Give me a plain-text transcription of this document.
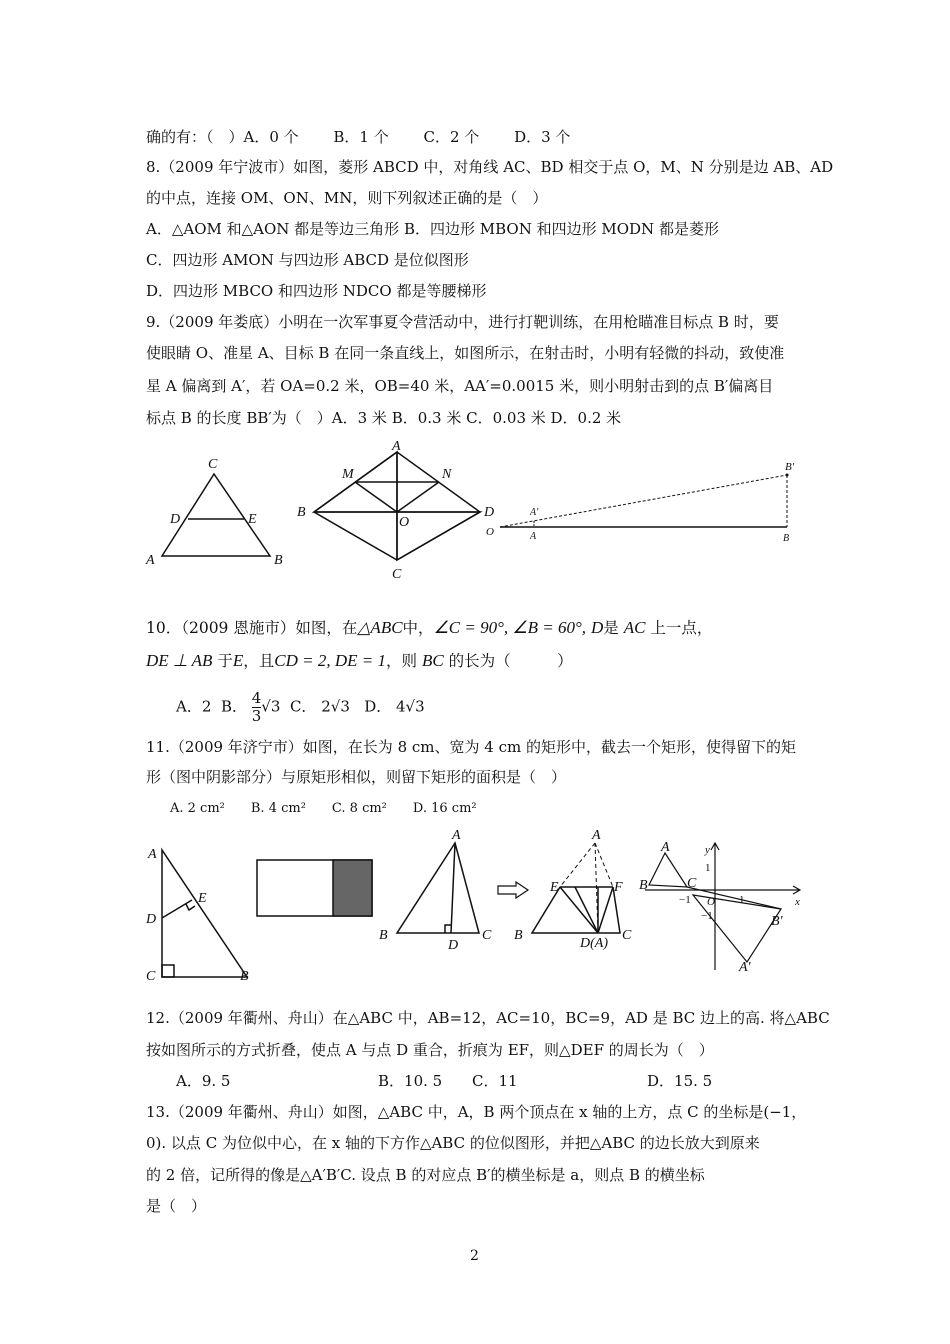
确的有：（　）A．0 个　　 B．1 个　　 C．2 个　　 D．3 个
8.（2009 年宁波市）如图，菱形 ABCD 中，对角线 AC、BD 相交于点 O，M、N 分别是边 AB、AD
的中点，连接 OM、ON、MN，则下列叙述正确的是（　）
A．△AOM 和△AON 都是等边三角形 B．四边形 MBON 和四边形 MODN 都是菱形
C．四边形 AMON 与四边形 ABCD 是位似图形
D．四边形 MBCO 和四边形 NDCO 都是等腰梯形
9.（2009 年娄底）小明在一次军事夏令营活动中，进行打靶训练，在用枪瞄准目标点 B 时，要
使眼睛 O、准星 A、目标 B 在同一条直线上，如图所示，在射击时，小明有轻微的抖动，致使准
星 A 偏离到 A′，若 OA=0.2 米，OB=40 米，AA′=0.0015 米，则小明射击到的点 B′偏离目
标点 B 的长度 BB′为（　）A．3 米 B．0.3 米 C．0.03 米 D．0.2 米
C
D	E
A	B
A
M	N
B
O
D
C
O	A
A′
B
B′
10．（2009 恩施市）如图，在△ABC中，∠C = 90°, ∠B = 60°, D是 AC 上一点，
DE ⊥ AB 于E，且CD = 2, DE = 1，则 BC 的长为（　　　）
A．2 B． $\frac{4}{3} √3$ C． 2√3 D． 4√3
11.（2009 年济宁市）如图，在长为 8 cm、宽为 4 cm 的矩形中，截去一个矩形，使得留下的矩
形（图中阴影部分）与原矩形相似，则留下矩形的面积是（　）
A. 2 cm²　　B. 4 cm²　　C. 8 cm²　　D. 16 cm²
A
E
D
C	B
A
B
D
C
A
E	F
B
D(A)
C
A
B	C
y
x
1
−1 O 1
−1	B′
A′
12.（2009 年衢州、舟山）在△ABC 中，AB=12，AC=10，BC=9，AD 是 BC 边上的高. 将△ABC
按如图所示的方式折叠，使点 A 与点 D 重合，折痕为 EF，则△DEF 的周长为（　）
A．9. 5	B．10. 5 C．11	D．15. 5
13.（2009 年衢州、舟山）如图，△ABC 中，A，B 两个顶点在 x 轴的上方，点 C 的坐标是(−1，
0). 以点 C 为位似中心，在 x 轴的下方作△ABC 的位似图形，并把△ABC 的边长放大到原来
的 2 倍，记所得的像是△A′B′C. 设点 B 的对应点 B′的横坐标是 a，则点 B 的横坐标
是（　）
2
